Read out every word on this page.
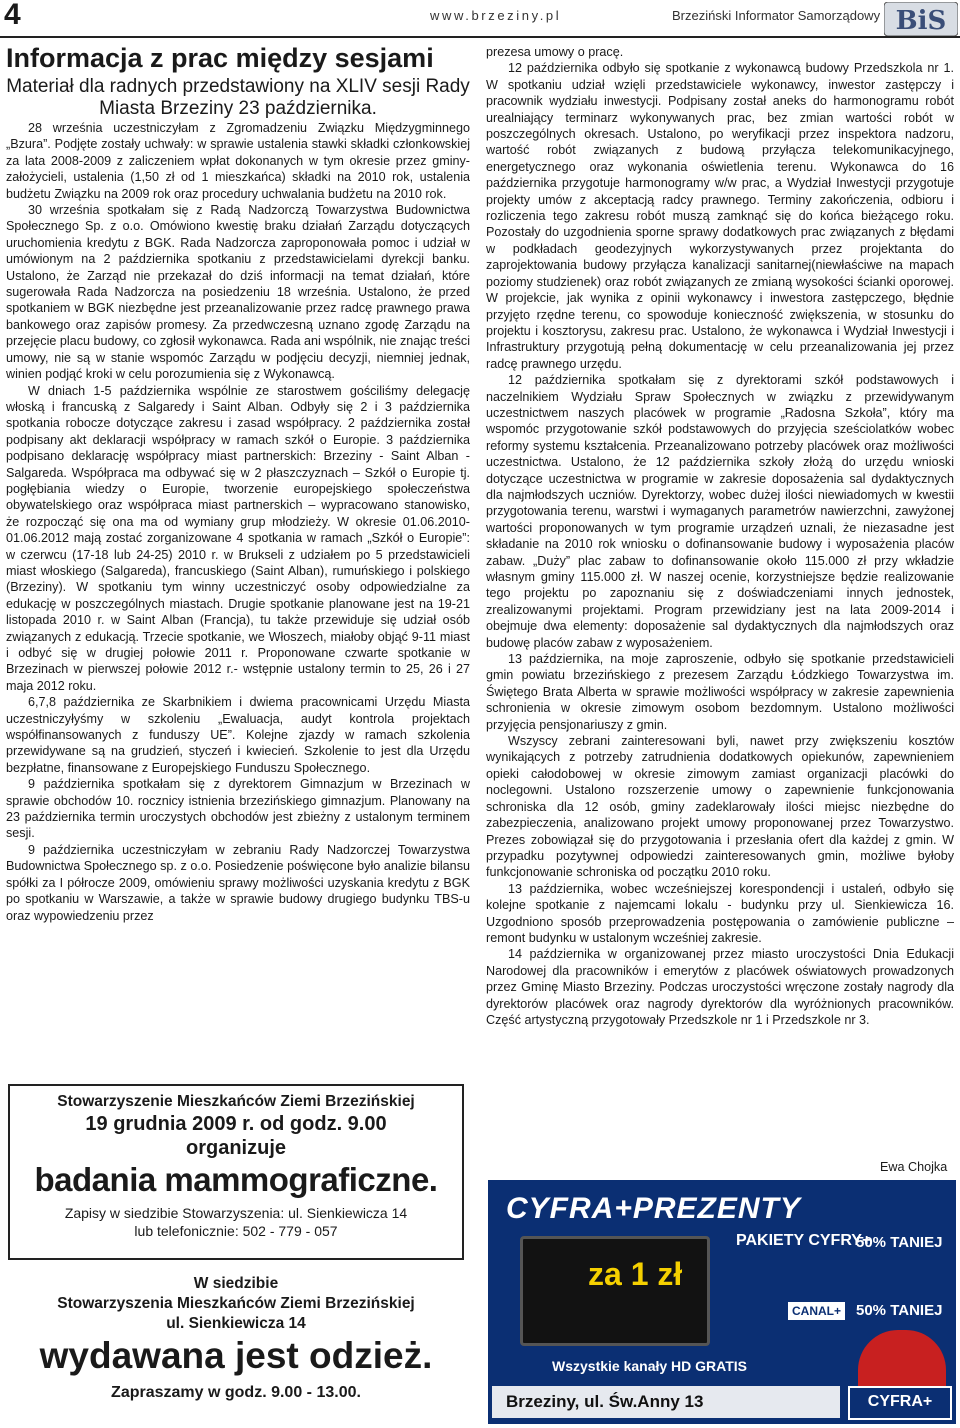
4	www.brzeziny.pl	Brzeziński Informator Samorządowy BiS
Informacja z prac między sesjami
Materiał dla radnych przedstawiony na XLIV sesji Rady Miasta Brzeziny 23 października.

28 września uczestniczyłam z Zgromadzeniu Związku Międzygminnego „Bzura”. Podjęte zostały uchwały: w sprawie ustalenia stawki składki członkowskiej za lata 2008-2009 z zaliczeniem wpłat dokonanych w tym okresie przez gminy-założycieli, ustalenia (1,50 zł od 1 mieszkańca) składki na 2010 rok, ustalenia budżetu Związku na 2009 rok oraz procedury uchwalania budżetu na 2010 rok.

30 września spotkałam się z Radą Nadzorczą Towarzystwa Budownictwa Społecznego Sp. z o.o. Omówiono kwestię braku działań Zarządu dotyczących uruchomienia kredytu z BGK. Rada Nadzorcza zaproponowała pomoc i udział w umówionym na 2 października spotkaniu z przedstawicielami dyrekcji banku. Ustalono, że Zarząd nie przekazał do dziś informacji na temat działań, które sugerowała Rada Nadzorcza na posiedzeniu 18 września. Ustalono, że przed spotkaniem w BGK niezbędne jest przeanalizowanie przez radcę prawnego prawa bankowego oraz zapisów promesy. Za przedwczesną uznano zgodę Zarządu na przejęcie placu budowy, co zgłosił wykonawca. Rada ani wspólnik, nie znając treści umowy, nie są w stanie wspomóc Zarządu w podjęciu decyzji, niemniej jednak, winien podjąć kroki w celu porozumienia się z Wykonawcą.

W dniach 1-5 października wspólnie ze starostwem gościliśmy delegację włoską i francuską z Salgaredy i Saint Alban. Odbyły się 2 i 3 października spotkania robocze dotyczące zakresu i zasad współpracy. 2 października został podpisany akt deklaracji współpracy w ramach szkół o Europie. 3 października podpisano deklarację współpracy miast partnerskich: Brzeziny - Saint Alban - Salgareda. Współpraca ma odbywać się w 2 płaszczyznach – Szkół o Europie tj. pogłębiania wiedzy o Europie, tworzenie europejskiego społeczeństwa obywatelskiego oraz współpraca miast partnerskich – wypracowano stanowisko, że rozpocząć się ona ma od wymiany grup młodzieży. W okresie 01.06.2010-01.06.2012 mają zostać zorganizowane 4 spotkania w ramach „Szkół o Europie”: w czerwcu (17-18 lub 24-25) 2010 r. w Brukseli z udziałem po 5 przedstawicieli miast włoskiego (Salgareda), francuskiego (Saint Alban), rumuńskiego i polskiego (Brzeziny). W spotkaniu tym winny uczestniczyć osoby odpowiedzialne za edukację w poszczególnych miastach. Drugie spotkanie planowane jest na 19-21 listopada 2010 r. w Saint Alban (Francja), tu także przewiduje się udział osób związanych z edukacją. Trzecie spotkanie, we Włoszech, miałoby objąć 9-11 miast i odbyć się w drugiej połowie 2011 r. Proponowane czwarte spotkanie w Brzezinach w pierwszej połowie 2012 r.- wstępnie ustalony termin to 25, 26 i 27 maja 2012 roku.

6,7,8 października ze Skarbnikiem i dwiema pracownicami Urzędu Miasta uczestniczyłyśmy w szkoleniu „Ewaluacja, audyt kontrola projektach współfinansowanych z funduszy UE”. Kolejne zjazdy w ramach szkolenia przewidywane są na grudzień, styczeń i kwiecień. Szkolenie to jest dla Urzędu bezpłatne, finansowane z Europejskiego Funduszu Społecznego.

9 października spotkałam się z dyrektorem Gimnazjum w Brzezinach w sprawie obchodów 10. rocznicy istnienia brzezińskiego gimnazjum. Planowany na 23 października termin uroczystych obchodów jest zbieżny z ustalonym terminem sesji.

9 października uczestniczyłam w zebraniu Rady Nadzorczej Towarzystwa Budownictwa Społecznego sp. z o.o. Posiedzenie poświęcone było analizie bilansu spółki za I półrocze 2009, omówieniu sprawy możliwości uzyskania kredytu z BGK po spotkaniu w Warszawie, a także w sprawie budowy drugiego budynku TBS-u oraz wypowiedzeniu przez

prezesa umowy o pracę.

12 października odbyło się spotkanie z wykonawcą budowy Przedszkola nr 1. W spotkaniu udział wzięli przedstawiciele wykonawcy, inwestor zastępczy i pracownik wydziału inwestycji. Podpisany został aneks do harmonogramu robót urealniający terminarz wykonywanych prac, bez zmian wartości robót w poszczególnych okresach. Ustalono, po weryfikacji przez inspektora nadzoru, wartość robót związanych z budową przyłącza telekomunikacyjnego, energetycznego oraz wykonania oświetlenia terenu. Wykonawca do 16 października przygotuje harmonogramy w/w prac, a Wydział Inwestycji przygotuje projekty umów z akceptacją radcy prawnego. Terminy zakończenia, odbioru i rozliczenia tego zakresu robót muszą zamknąć się do końca bieżącego roku. Pozostały do uzgodnienia sporne sprawy dodatkowych prac związanych z błędami w podkładach geodezyjnych wykorzystywanych przez projektanta do zaprojektowania budowy przyłącza kanalizacji sanitarnej(niewłaściwe na mapach poziomy studzienek) oraz robót związanych ze zmianą wysokości ścianki oporowej. W projekcie, jak wynika z opinii wykonawcy i inwestora zastępczego, błędnie przyjęto rzędne terenu, co spowoduje konieczność zwiększenia, w stosunku do projektu i kosztorysu, zakresu prac. Ustalono, że wykonawca i Wydział Inwestycji i Infrastruktury przygotują pełną dokumentację w celu przeanalizowania jej przez radcę prawnego urzędu.

12 października spotkałam się z dyrektorami szkół podstawowych i naczelnikiem Wydziału Spraw Społecznych w związku z przewidywanym uczestnictwem naszych placówek w programie „Radosna Szkoła”, który ma wspomóc przygotowanie szkół podstawowych do przyjęcia sześciolatków wobec reformy systemu kształcenia. Przeanalizowano potrzeby placówek oraz możliwości uczestnictwa. Ustalono, że 12 października szkoły złożą do urzędu wnioski dotyczące uczestnictwa w programie w zakresie doposażenia sal dydaktycznych dla najmłodszych uczniów. Dyrektorzy, wobec dużej ilości niewiadomych w kwestii przygotowania terenu, warstwi i wymaganych parametrów nawierzchni, zawyżonej wartości proponowanych w tym programie urządzeń uznali, że niezasadne jest składanie na 2010 rok wniosku o dofinansowanie budowy i wyposażenia placów zabaw. „Duży” plac zabaw to dofinansowanie około 115.000 zł przy wkładzie własnym gminy 115.000 zł. W naszej ocenie, korzystniejsze będzie realizowanie tego projektu po zapoznaniu się z doświadczeniami innych jednostek, zrealizowanymi projektami. Program przewidziany jest na lata 2009-2014 i obejmuje dwa elementy: doposażenie sal dydaktycznych dla najmłodszych oraz budowę placów zabaw z wyposażeniem.

13 października, na moje zaproszenie, odbyło się spotkanie przedstawicieli gmin powiatu brzezińskiego z prezesem Zarządu Łódzkiego Towarzystwa im. Świętego Brata Alberta w sprawie możliwości współpracy w zakresie zapewnienia schronienia w okresie zimowym osobom bezdomnym. Ustalono możliwości przyjęcia pensjonariuszy z gmin.

Wszyscy zebrani zainteresowani byli, nawet przy zwiększeniu kosztów wynikających z potrzeby zatrudnienia dodatkowych opiekunów, zapewnieniem opieki całodobowej w okresie zimowym zamiast organizacji placówki do noclegowni. Ustalono rozszerzenie umowy o zapewnienie funkcjonowania schroniska dla 12 osób, gminy zadeklarowały ilości miejsc niezbędne do zabezpieczenia, analizowano projekt umowy proponowanej przez Towarzystwo. Prezes zobowiązał się do przygotowania i przesłania ofert dla każdej z gmin. W przypadku pozytywnej odpowiedzi zainteresowanych gmin, możliwe byłoby funkcjonowanie schroniska od początku 2010 roku.

13 października, wobec wcześniejszej korespondencji i ustaleń, odbyło się kolejne spotkanie z najemcami lokalu - budynku przy ul. Sienkiewicza 16. Uzgodniono sposób przeprowadzenia postępowania o zamówienie publiczne – remont budynku w ustalonym wcześniej zakresie.

14 października w organizowanej przez miasto uroczystości Dnia Edukacji Narodowej dla pracowników i emerytów z placówek oświatowych prowadzonych przez Gminę Miasto Brzeziny. Podczas uroczystości wręczone zostały nagrody dla dyrektorów placówek oraz nagrody dyrektorów dla wyróżnionych pracowników. Część artystyczną przygotowały Przedszkole nr 1 i Przedszkole nr 3.

Ewa Chojka
Stowarzyszenie Mieszkańców Ziemi Brzezińskiej
19 grudnia 2009 r. od godz. 9.00
organizuje
badania mammograficzne.
Zapisy w siedzibie Stowarzyszenia: ul. Sienkiewicza 14
lub telefonicznie: 502 - 779 - 057
W siedzibie
Stowarzyszenia Mieszkańców Ziemi Brzezińskiej
ul. Sienkiewicza 14
wydawana jest odzież.
Zapraszamy w godz. 9.00 - 13.00.
CYFRA+PREZENTY
za 1 zł
PAKIETY CYFRY+
50% TANIEJ
CANAL+ 50% TANIEJ
Wszystkie kanały HD GRATIS
Brzeziny, ul. Św.Anny 13	CYFRA+
